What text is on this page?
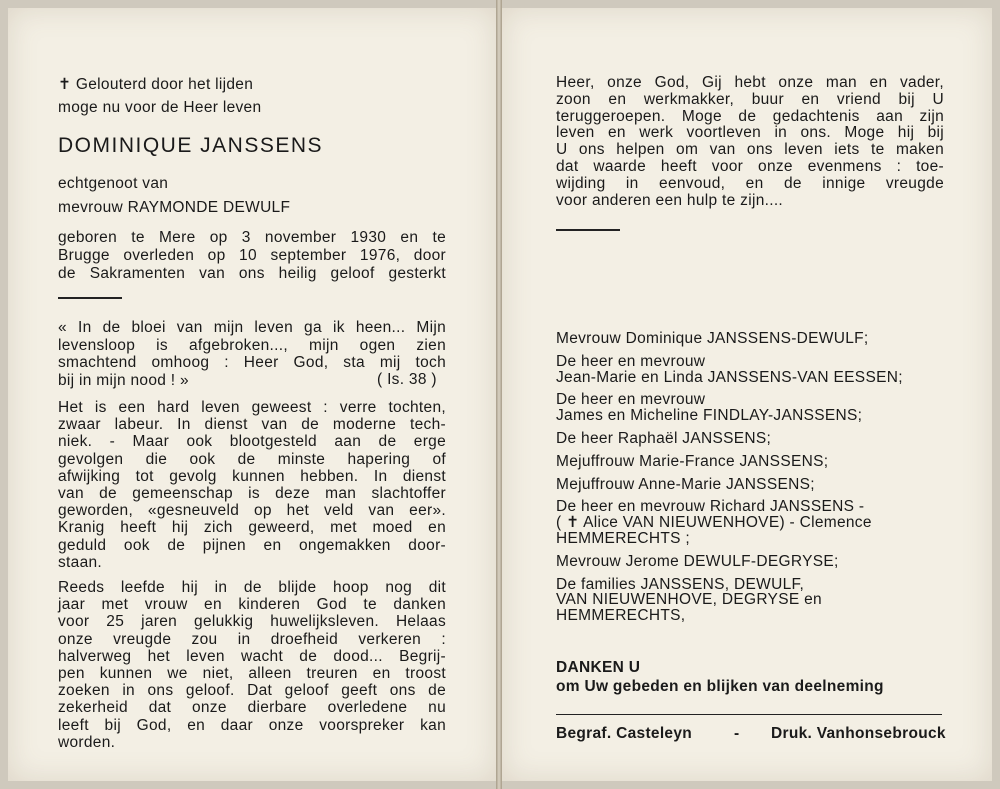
✝ Gelouterd door het lijden
moge nu voor de Heer leven
DOMINIQUE JANSSENS
echtgenoot van
mevrouw RAYMONDE DEWULF
geboren te Mere op 3 november 1930 en te
Brugge overleden op 10 september 1976, door
de Sakramenten van ons heilig geloof gesterkt
« In de bloei van mijn leven ga ik heen... Mijn
levensloop is afgebroken..., mijn ogen zien
smachtend omhoog : Heer God, sta mij toch
bij in mijn nood ! »	( Is. 38 )
Het is een hard leven geweest : verre tochten,
zwaar labeur. In dienst van de moderne tech-
niek. - Maar ook blootgesteld aan de erge
gevolgen die ook de minste hapering of
afwijking tot gevolg kunnen hebben. In dienst
van de gemeenschap is deze man slachtoffer
geworden, «gesneuveld op het veld van eer».
Kranig heeft hij zich geweerd, met moed en
geduld ook de pijnen en ongemakken door-
staan.
Reeds leefde hij in de blijde hoop nog dit
jaar met vrouw en kinderen God te danken
voor 25 jaren gelukkig huwelijksleven. Helaas
onze vreugde zou in droefheid verkeren :
halverweg het leven wacht de dood... Begrij-
pen kunnen we niet, alleen treuren en troost
zoeken in ons geloof. Dat geloof geeft ons de
zekerheid dat onze dierbare overledene nu
leeft bij God, en daar onze voorspreker kan
worden.
Heer, onze God, Gij hebt onze man en vader,
zoon en werkmakker, buur en vriend bij U
teruggeroepen. Moge de gedachtenis aan zijn
leven en werk voortleven in ons. Moge hij bij
U ons helpen om van ons leven iets te maken
dat waarde heeft voor onze evenmens : toe-
wijding in eenvoud, en de innige vreugde
voor anderen een hulp te zijn....
Mevrouw Dominique JANSSENS-DEWULF;
De heer en mevrouw
Jean-Marie en Linda JANSSENS-VAN EESSEN;
De heer en mevrouw
James en Micheline FINDLAY-JANSSENS;
De heer Raphaël JANSSENS;
Mejuffrouw Marie-France JANSSENS;
Mejuffrouw Anne-Marie JANSSENS;
De heer en mevrouw Richard JANSSENS -
( ✝ Alice VAN NIEUWENHOVE) - Clemence
HEMMERECHTS ;
Mevrouw Jerome DEWULF-DEGRYSE;
De families JANSSENS, DEWULF,
VAN NIEUWENHOVE, DEGRYSE en
HEMMERECHTS,
DANKEN U
om Uw gebeden en blijken van deelneming
Begraf. Casteleyn	- Druk. Vanhonsebrouck
